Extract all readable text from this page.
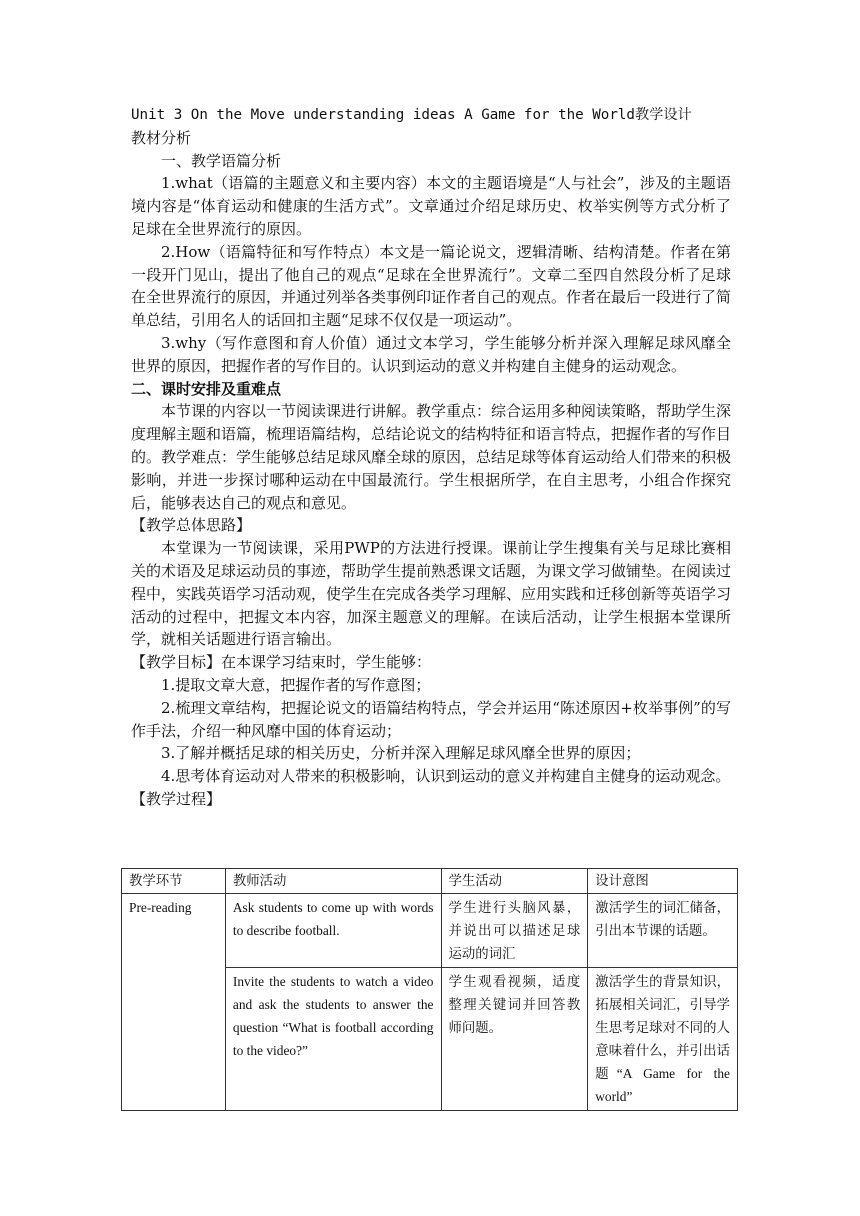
Unit 3 On the Move understanding ideas A Game for the World教学设计
教材分析
一、教学语篇分析
1.what（语篇的主题意义和主要内容）本文的主题语境是“人与社会”，涉及的主题语境内容是“体育运动和健康的生活方式”。文章通过介绍足球历史、枚举实例等方式分析了足球在全世界流行的原因。
2.How（语篇特征和写作特点）本文是一篇论说文，逻辑清晰、结构清楚。作者在第一段开门见山，提出了他自己的观点“足球在全世界流行”。文章二至四自然段分析了足球在全世界流行的原因，并通过列举各类事例印证作者自己的观点。作者在最后一段进行了简单总结，引用名人的话回扣主题“足球不仅仅是一项运动”。
3.why（写作意图和育人价值）通过文本学习，学生能够分析并深入理解足球风靡全世界的原因，把握作者的写作目的。认识到运动的意义并构建自主健身的运动观念。
二、课时安排及重难点
本节课的内容以一节阅读课进行讲解。教学重点：综合运用多种阅读策略，帮助学生深度理解主题和语篇，梳理语篇结构，总结论说文的结构特征和语言特点，把握作者的写作目的。教学难点：学生能够总结足球风靡全球的原因，总结足球等体育运动给人们带来的积极影响，并进一步探讨哪种运动在中国最流行。学生根据所学，在自主思考，小组合作探究后，能够表达自己的观点和意见。
【教学总体思路】
本堂课为一节阅读课，采用PWP的方法进行授课。课前让学生搜集有关与足球比赛相关的术语及足球运动员的事迹，帮助学生提前熟悉课文话题，为课文学习做铺垫。在阅读过程中，实践英语学习活动观，使学生在完成各类学习理解、应用实践和迁移创新等英语学习活动的过程中，把握文本内容，加深主题意义的理解。在读后活动，让学生根据本堂课所学，就相关话题进行语言输出。
【教学目标】在本课学习结束时，学生能够：
1.提取文章大意，把握作者的写作意图；
2.梳理文章结构，把握论说文的语篇结构特点，学会并运用“陈述原因+枚举事例”的写作手法，介绍一种风靡中国的体育运动；
3.了解并概括足球的相关历史，分析并深入理解足球风靡全世界的原因；
4.思考体育运动对人带来的积极影响，认识到运动的意义并构建自主健身的运动观念。
【教学过程】
教学环节	教师活动	学生活动	设计意图
Pre-reading	Ask students to come up with words to describe football.	学生进行头脑风暴，并说出可以描述足球运动的词汇	激活学生的词汇储备，引出本节课的话题。
	Invite the students to watch a video and ask the students to answer the question “What is football according to the video?”	学生观看视频，适度整理关键词并回答教师问题。	激活学生的背景知识，拓展相关词汇，引导学生思考足球对不同的人意味着什么，并引出话题“A Game for the world”
